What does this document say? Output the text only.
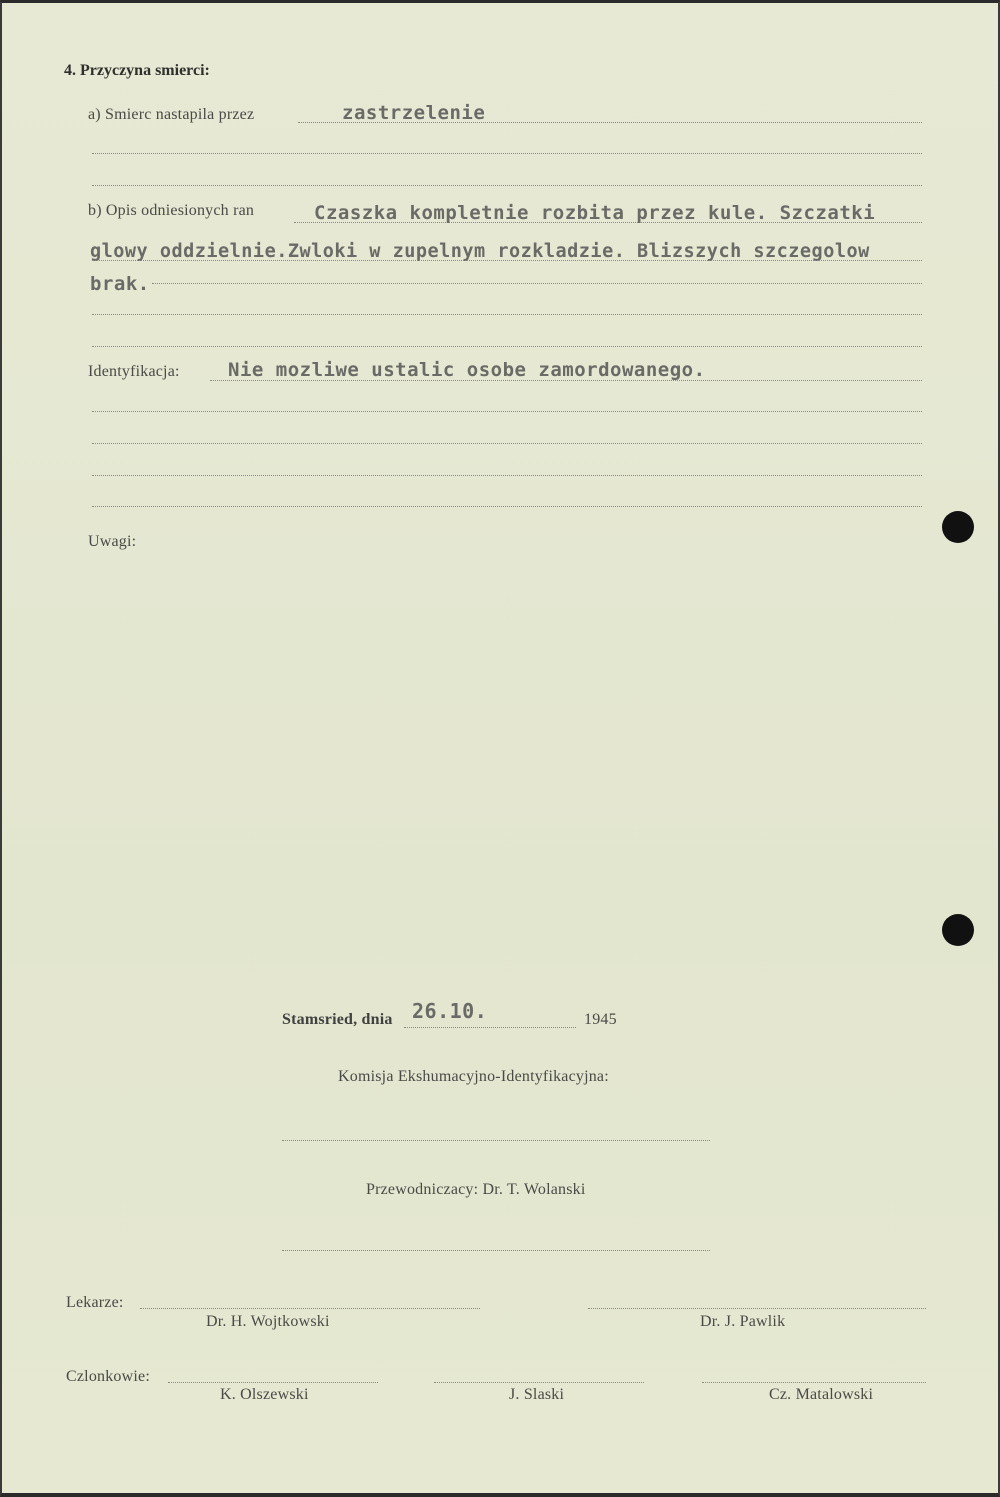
4. Przyczyna smierci:
a) Smierc nastapila przez	zastrzelenie
b) Opis odniesionych ran	Czaszka kompletnie rozbita przez kule. Szczatki
glowy oddzielnie.Zwloki w zupelnym rozkladzie. Blizszych szczegolow
brak.
Identyfikacja:	Nie mozliwe ustalic osobe zamordowanego.
Uwagi:
Stamsried, dnia 26.10.	1945
Komisja Ekshumacyjno-Identyfikacyjna:
Przewodniczacy: Dr. T. Wolanski
Lekarze:
Dr. H. Wojtkowski	Dr. J. Pawlik
Czlonkowie:
K. Olszewski	J. Slaski	Cz. Matalowski
